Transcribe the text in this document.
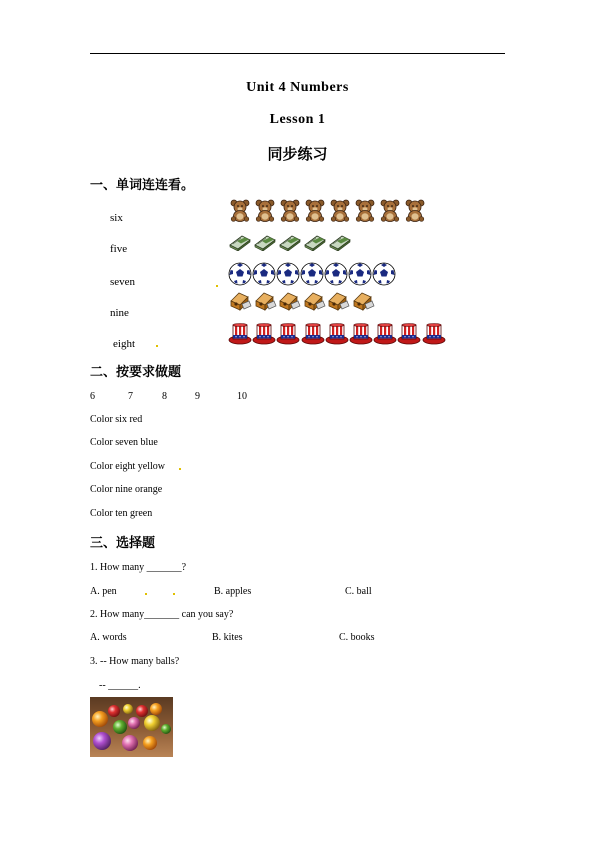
Unit 4 Numbers
Lesson 1
同步练习
一、单词连连看。
six
five
seven
nine
eight
二、按要求做题
6	7	8	9	10
Color six red
Color seven blue
Color eight yellow
Color nine orange
Color ten green
三、选择题
1. How many _______?
A. pen	B. apples	C. ball
2. How many_______ can you say?
A. words	B. kites	C. books
3. -- How many balls?
-- ______.
